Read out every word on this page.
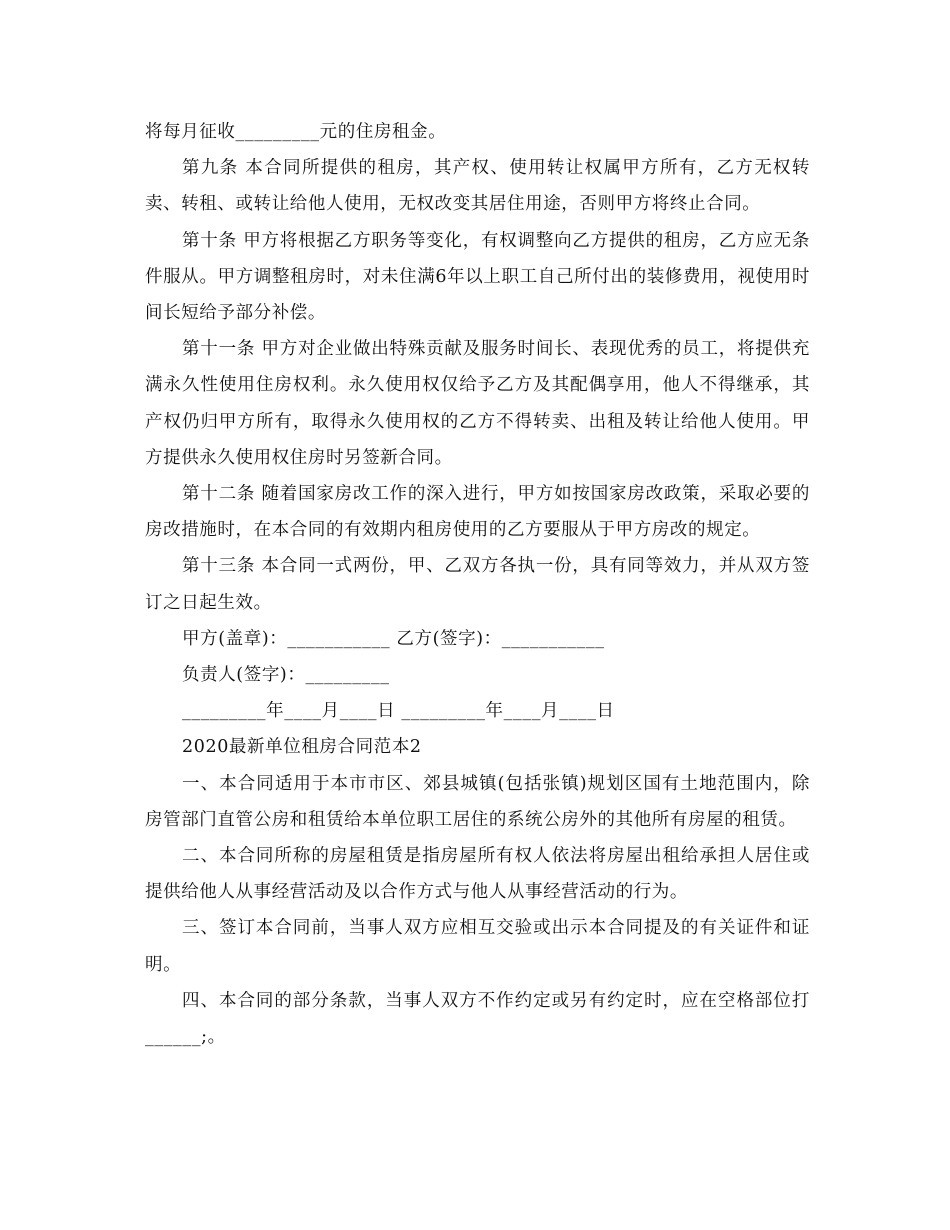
将每月征收_________元的住房租金。

第九条 本合同所提供的租房，其产权、使用转让权属甲方所有，乙方无权转卖、转租、或转让给他人使用，无权改变其居住用途，否则甲方将终止合同。

第十条 甲方将根据乙方职务等变化，有权调整向乙方提供的租房，乙方应无条件服从。甲方调整租房时，对未住满6年以上职工自己所付出的装修费用，视使用时间长短给予部分补偿。

第十一条 甲方对企业做出特殊贡献及服务时间长、表现优秀的员工，将提供充满永久性使用住房权利。永久使用权仅给予乙方及其配偶享用，他人不得继承，其产权仍归甲方所有，取得永久使用权的乙方不得转卖、出租及转让给他人使用。甲方提供永久使用权住房时另签新合同。

第十二条 随着国家房改工作的深入进行，甲方如按国家房改政策，采取必要的房改措施时，在本合同的有效期内租房使用的乙方要服从于甲方房改的规定。

第十三条 本合同一式两份，甲、乙双方各执一份，具有同等效力，并从双方签订之日起生效。

甲方(盖章)：___________ 乙方(签字)：___________

负责人(签字)：_________

_________年____月____日 _________年____月____日

2020最新单位租房合同范本2

一、本合同适用于本市市区、郊县城镇(包括张镇)规划区国有土地范围内，除房管部门直管公房和租赁给本单位职工居住的系统公房外的其他所有房屋的租赁。

二、本合同所称的房屋租赁是指房屋所有权人依法将房屋出租给承担人居住或提供给他人从事经营活动及以合作方式与他人从事经营活动的行为。

三、签订本合同前，当事人双方应相互交验或出示本合同提及的有关证件和证明。

四、本合同的部分条款，当事人双方不作约定或另有约定时，应在空格部位打______;。
